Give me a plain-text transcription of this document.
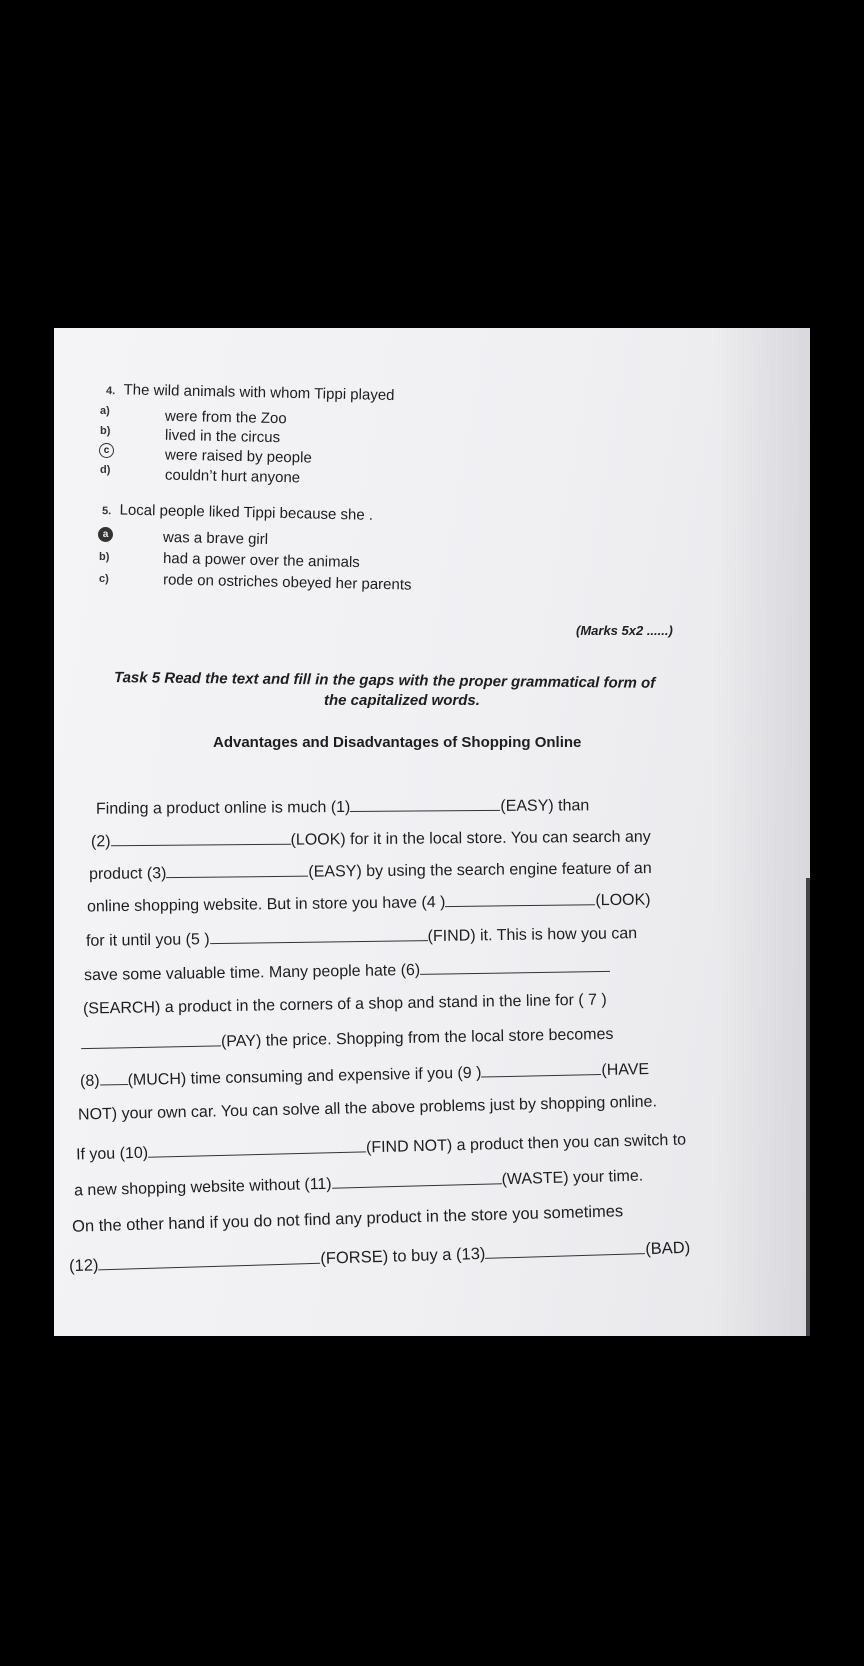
4. The wild animals with whom Tippi played
a)	were from the Zoo
b)	lived in the circus
c	were raised by people
d)	couldn’t hurt anyone
5. Local people liked Tippi because she .
a	was a brave girl
b)	had a power over the animals
c)	rode on ostriches obeyed her parents
(Marks 5x2 ......)
Task 5 Read the text and fill in the gaps with the proper grammatical form of
the capitalized words.
Advantages and Disadvantages of Shopping Online
Finding a product online is much (1)	(EASY) than
(2)	(LOOK) for it in the local store. You can search any
product (3)	(EASY) by using the search engine feature of an
online shopping website. But in store you have (4 )	(LOOK)
for it until you (5 )	(FIND) it. This is how you can
save some valuable time. Many people hate (6)
(SEARCH) a product in the corners of a shop and stand in the line for ( 7 )
(PAY) the price. Shopping from the local store becomes
(8) (MUCH) time consuming and expensive if you (9 )	(HAVE
NOT) your own car. You can solve all the above problems just by shopping online.
If you (10)	(FIND NOT) a product then you can switch to
a new shopping website without (11)	(WASTE) your time.
On the other hand if you do not find any product in the store you sometimes
(12)	(FORSE) to buy a (13)	(BAD)
